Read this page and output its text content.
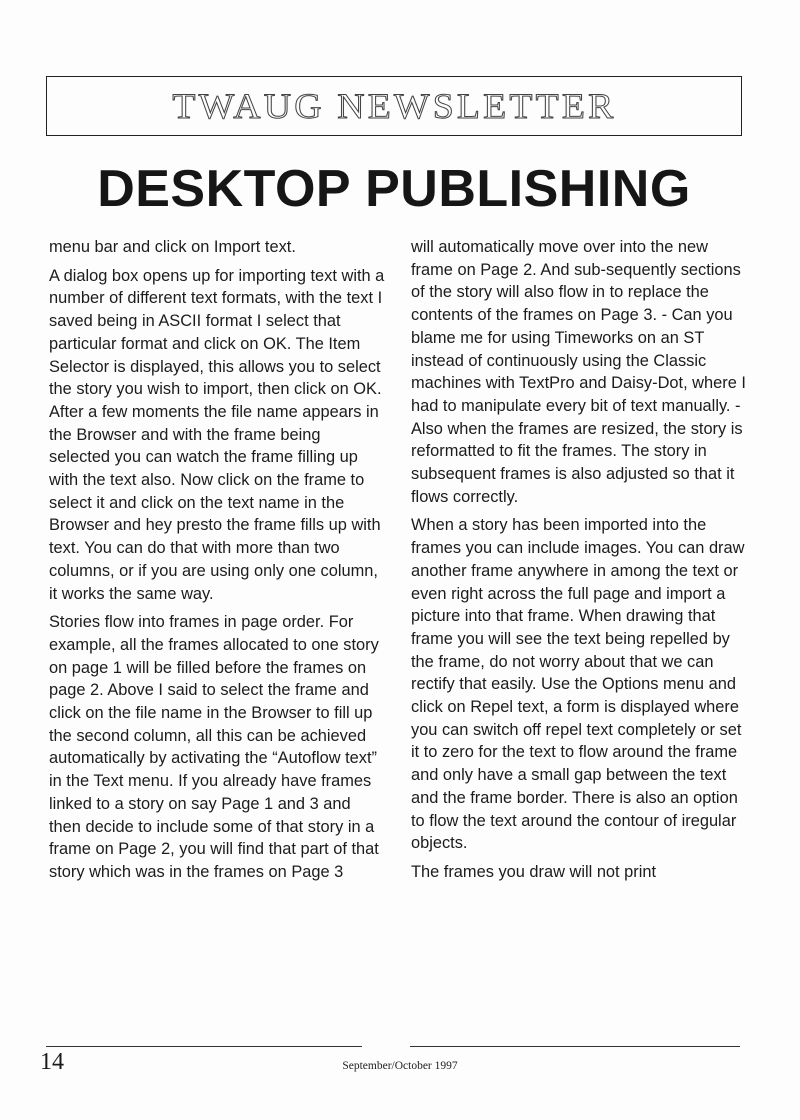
TWAUG NEWSLETTER
DESKTOP PUBLISHING

menu bar and click on Import text.

A dialog box opens up for importing text with a number of different text formats, with the text I saved being in ASCII format I select that particular format and click on OK. The Item Selector is displayed, this allows you to select the story you wish to import, then click on OK. After a few moments the file name appears in the Browser and with the frame being selected you can watch the frame filling up with the text also. Now click on the frame to select it and click on the text name in the Browser and hey presto the frame fills up with text. You can do that with more than two columns, or if you are using only one column, it works the same way.

Stories flow into frames in page order. For example, all the frames allocated to one story on page 1 will be filled before the frames on page 2. Above I said to select the frame and click on the file name in the Browser to fill up the second column, all this can be achieved automatically by activating the “Autoflow text” in the Text menu. If you already have frames linked to a story on say Page 1 and 3 and then decide to include some of that story in a frame on Page 2, you will find that part of that story which was in the frames on Page 3

will automatically move over into the new frame on Page 2. And sub-sequently sections of the story will also flow in to replace the contents of the frames on Page 3. - Can you blame me for using Timeworks on an ST instead of continuously using the Classic machines with TextPro and Daisy-Dot, where I had to manipulate every bit of text manually. - Also when the frames are resized, the story is reformatted to fit the frames. The story in subsequent frames is also adjusted so that it flows correctly.

When a story has been imported into the frames you can include images. You can draw another frame anywhere in among the text or even right across the full page and import a picture into that frame. When drawing that frame you will see the text being repelled by the frame, do not worry about that we can rectify that easily. Use the Options menu and click on Repel text, a form is displayed where you can switch off repel text completely or set it to zero for the text to flow around the frame and only have a small gap between the text and the frame border. There is also an option to flow the text around the contour of iregular objects.

The frames you draw will not print

14	September/October 1997
